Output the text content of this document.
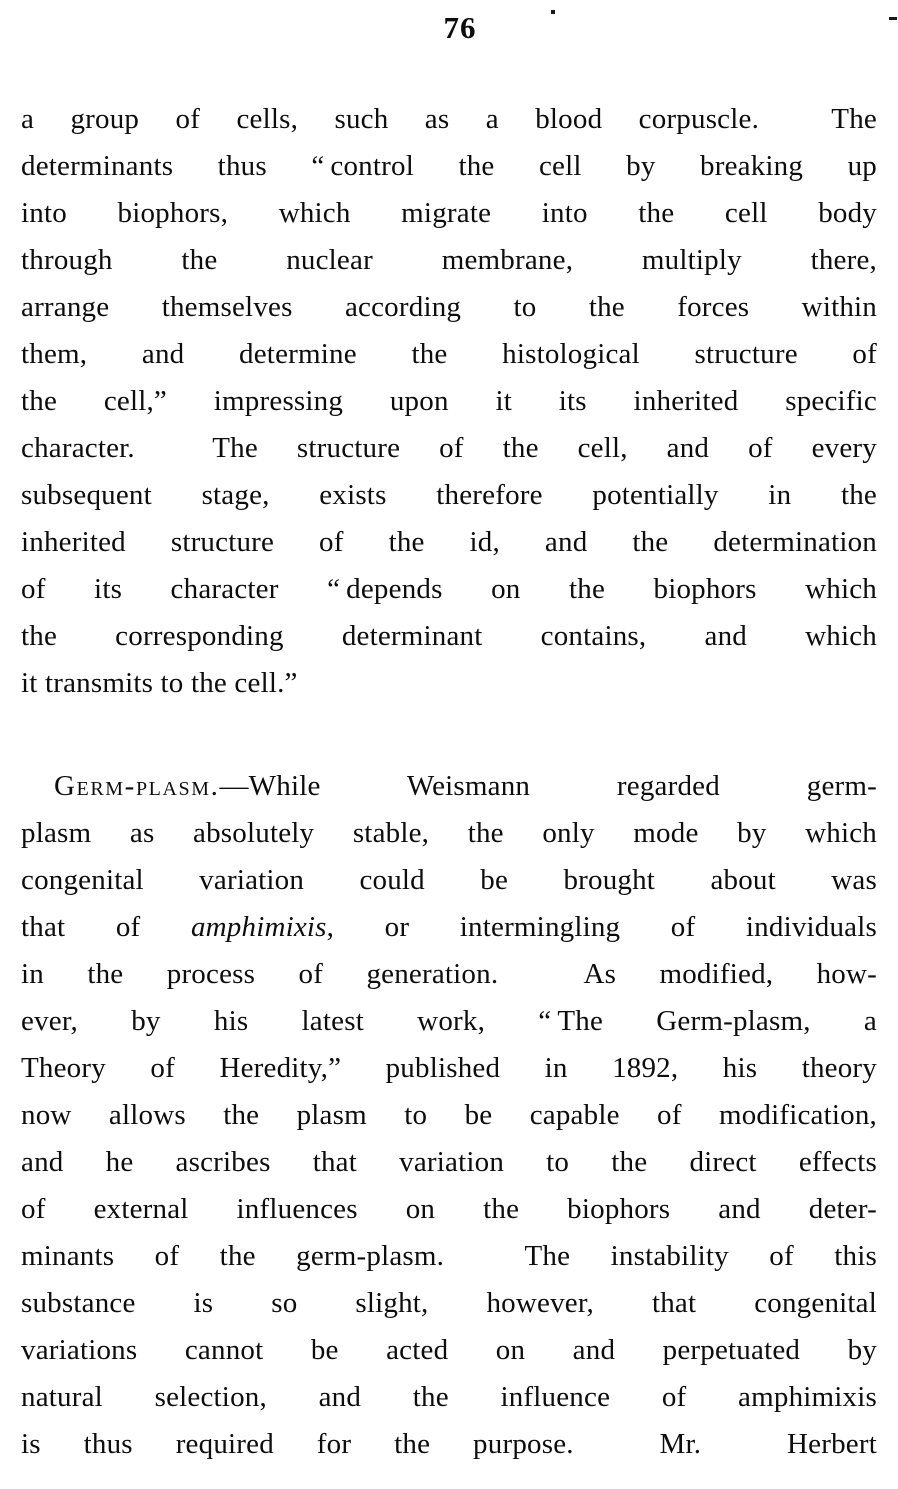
76
a group of cells, such as a blood corpuscle.  The
determinants thus “ control the cell by breaking up
into biophors, which migrate into the cell body
through the nuclear membrane, multiply there,
arrange themselves according to the forces within
them, and determine the histological structure of
the cell,” impressing upon it its inherited specific
character.  The structure of the cell, and of every
subsequent stage, exists therefore potentially in the
inherited structure of the id, and the determination
of its character “ depends on the biophors which
the corresponding determinant contains, and which
it transmits to the cell.”
Germ-plasm.—While Weismann regarded germ-
plasm as absolutely stable, the only mode by which
congenital variation could be brought about was
that of amphimixis, or intermingling of individuals
in the process of generation.  As modified, how-
ever, by his latest work, “ The Germ-plasm, a
Theory of Heredity,” published in 1892, his theory
now allows the plasm to be capable of modification,
and he ascribes that variation to the direct effects
of external influences on the biophors and deter-
minants of the germ-plasm.  The instability of this
substance is so slight, however, that congenital
variations cannot be acted on and perpetuated by
natural selection, and the influence of amphimixis
is thus required for the purpose.  Mr.  Herbert
